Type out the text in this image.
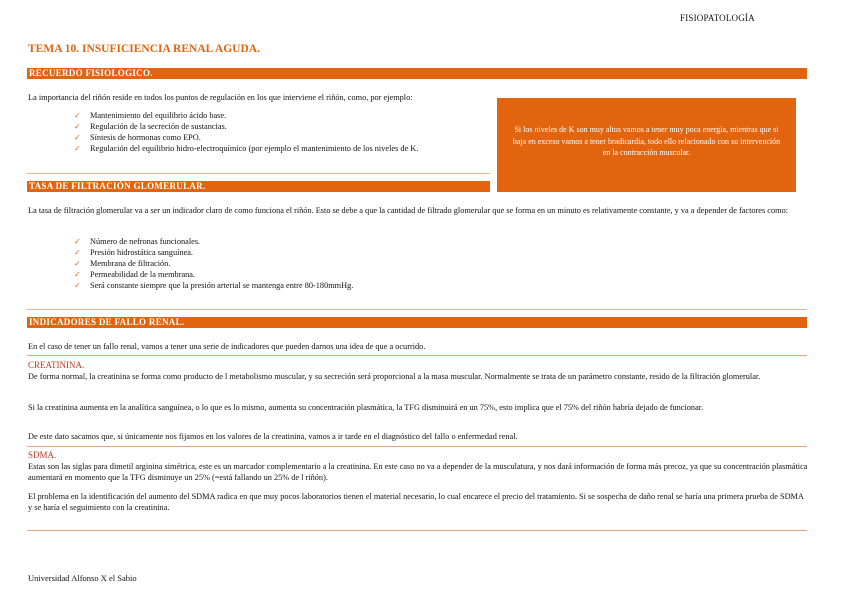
FISIOPATOLOGÍA
TEMA 10. INSUFICIENCIA RENAL AGUDA.
RECUERDO FISIOLOGICO.
La importancia del riñón reside en todos los puntos de regulación en los que interviene el riñón, como, por ejemplo:
✓ Mantenimiento del equilibrio ácido base.
✓ Regulación de la secreción de sustancias.
✓ Síntesis de hormonas como EPO.
✓ Regulación del equilibrio hidro-electroquímico (por ejemplo el mantenimiento de los niveles de K.
Si los niveles de K son muy altos vamos a tener muy poca energía, mientras que si baja en exceso vamos a tener bradicardia, todo ello relacionado con su intervención en la contracción muscular.
TASA DE FILTRACIÓN GLOMERULAR.
La tasa de filtración glomerular va a ser un indicador claro de como funciona el riñón. Esto se debe a que la cantidad de filtrado glomerular que se forma en un minuto es relativamente constante, y va a depender de factores como:
✓ Número de nefronas funcionales.
✓ Presión hidrostática sanguínea.
✓ Membrana de filtración.
✓ Permeabilidad de la membrana.
✓ Será constante siempre que la presión arterial se mantenga entre 80-180mmHg.
INDICADORES DE FALLO RENAL.
En el caso de tener un fallo renal, vamos a tener una serie de indicadores que pueden darnos una idea de que a ocurrido.
CREATININA.
De forma normal, la creatinina se forma como producto de l metabolismo muscular, y su secreción será proporcional a la masa muscular. Normalmente se trata de un parámetro constante, resido de la filtración glomerular.
Si la creatinina aumenta en la analítica sanguínea, o lo que es lo mismo, aumenta su concentración plasmática, la TFG disminuirá en un 75%, esto implica que el 75% del riñón habría dejado de funcionar.
De este dato sacamos que, si únicamente nos fijamos en los valores de la creatinina, vamos a ir tarde en el diagnóstico del fallo o enfermedad renal.
SDMA.
Estas son las siglas para dimetil arginina simétrica, este es un marcador complementario a la creatinina. En este caso no va a depender de la musculatura, y nos dará información de forma más precoz, ya que su concentración plasmática aumentará en momento que la TFG disminuye un 25% (=está fallando un 25% de l riñón).
El problema en la identificación del aumento del SDMA radica en que muy pocos laboratorios tienen el material necesario, lo cual encarece el precio del tratamiento. Si se sospecha de daño renal se haría una primera prueba de SDMA y se haría el seguimiento con la creatinina.
Universidad Alfonso X el Sabio
